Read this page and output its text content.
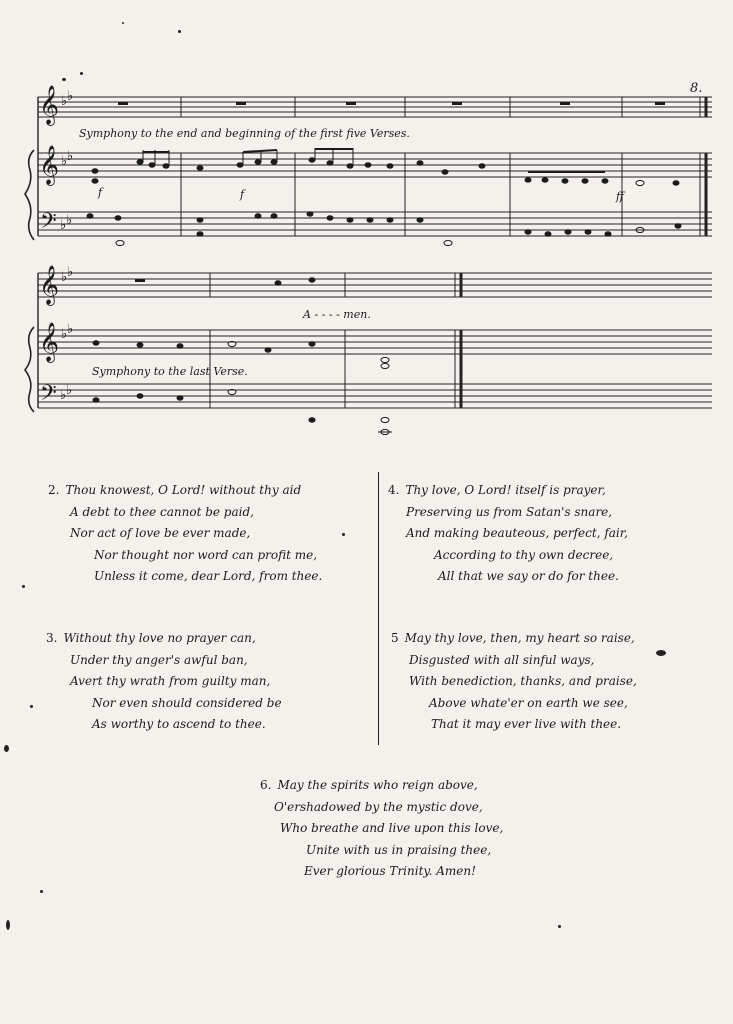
𝄞
𝄞
𝄢
𝄞
𝄞
𝄢
♭ ♭
♭ ♭
♭ ♭
♭ ♭
♭ ♭
♭ ♭
8.
f	f	ff
A - - - - men.
Symphony to the end and beginning of the first five Verses.
Symphony to the last Verse.
2. Thou knowest, O Lord! without thy aid
A debt to thee cannot be paid,
Nor act of love be ever made,
Nor thought nor word can profit me,
Unless it come, dear Lord, from thee.
4. Thy love, O Lord! itself is prayer,
Preserving us from Satan's snare,
And making beauteous, perfect, fair,
According to thy own decree,
All that we say or do for thee.
3. Without thy love no prayer can,
Under thy anger's awful ban,
Avert thy wrath from guilty man,
Nor even should considered be
As worthy to ascend to thee.
5 May thy love, then, my heart so raise,
Disgusted with all sinful ways,
With benediction, thanks, and praise,
Above whate'er on earth we see,
That it may ever live with thee.
6. May the spirits who reign above,
O'ershadowed by the mystic dove,
Who breathe and live upon this love,
Unite with us in praising thee,
Ever glorious Trinity. Amen!
